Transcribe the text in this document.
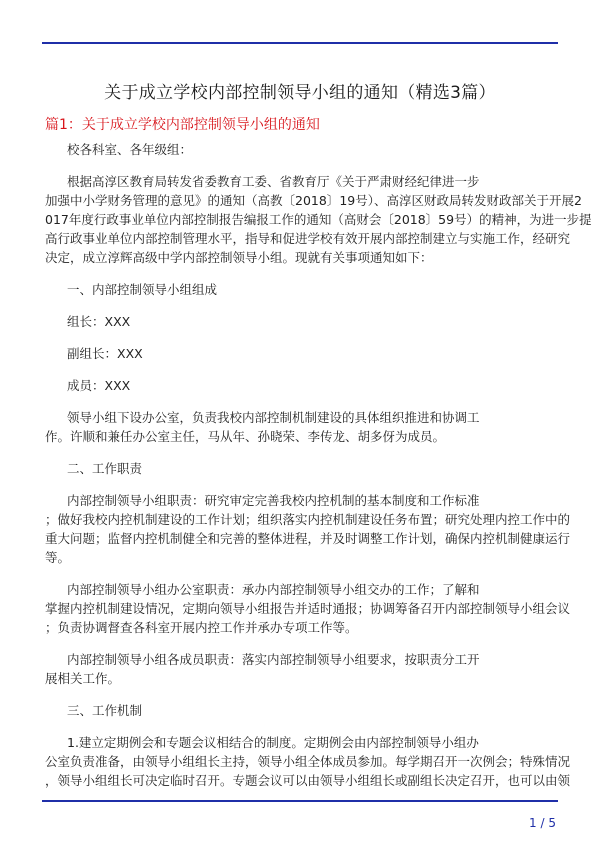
关于成立学校内部控制领导小组的通知（精选3篇）
篇1：关于成立学校内部控制领导小组的通知
校各科室、各年级组：
根据高淳区教育局转发省委教育工委、省教育厅《关于严肃财经纪律进一步
加强中小学财务管理的意见》的通知（高教〔2018〕19号）、高淳区财政局转发财政部关于开展2
017年度行政事业单位内部控制报告编报工作的通知（高财会〔2018〕59号）的精神，为进一步提
高行政事业单位内部控制管理水平，指导和促进学校有效开展内部控制建立与实施工作，经研究
决定，成立淳辉高级中学内部控制领导小组。现就有关事项通知如下：
一、内部控制领导小组组成
组长：XXX
副组长：XXX
成员：XXX
领导小组下设办公室，负责我校内部控制机制建设的具体组织推进和协调工
作。许顺和兼任办公室主任，马从年、孙晓荣、李传龙、胡多伢为成员。
二、工作职责
内部控制领导小组职责：研究审定完善我校内控机制的基本制度和工作标准
；做好我校内控机制建设的工作计划；组织落实内控机制建设任务布置；研究处理内控工作中的
重大问题；监督内控机制健全和完善的整体进程，并及时调整工作计划，确保内控机制健康运行
等。
内部控制领导小组办公室职责：承办内部控制领导小组交办的工作；了解和
掌握内控机制建设情况，定期向领导小组报告并适时通报；协调筹备召开内部控制领导小组会议
；负责协调督查各科室开展内控工作并承办专项工作等。
内部控制领导小组各成员职责：落实内部控制领导小组要求，按职责分工开
展相关工作。
三、工作机制
1.建立定期例会和专题会议相结合的制度。定期例会由内部控制领导小组办
公室负责准备，由领导小组组长主持，领导小组全体成员参加。每学期召开一次例会；特殊情况
，领导小组组长可决定临时召开。专题会议可以由领导小组组长或副组长决定召开，也可以由领
1 / 5
